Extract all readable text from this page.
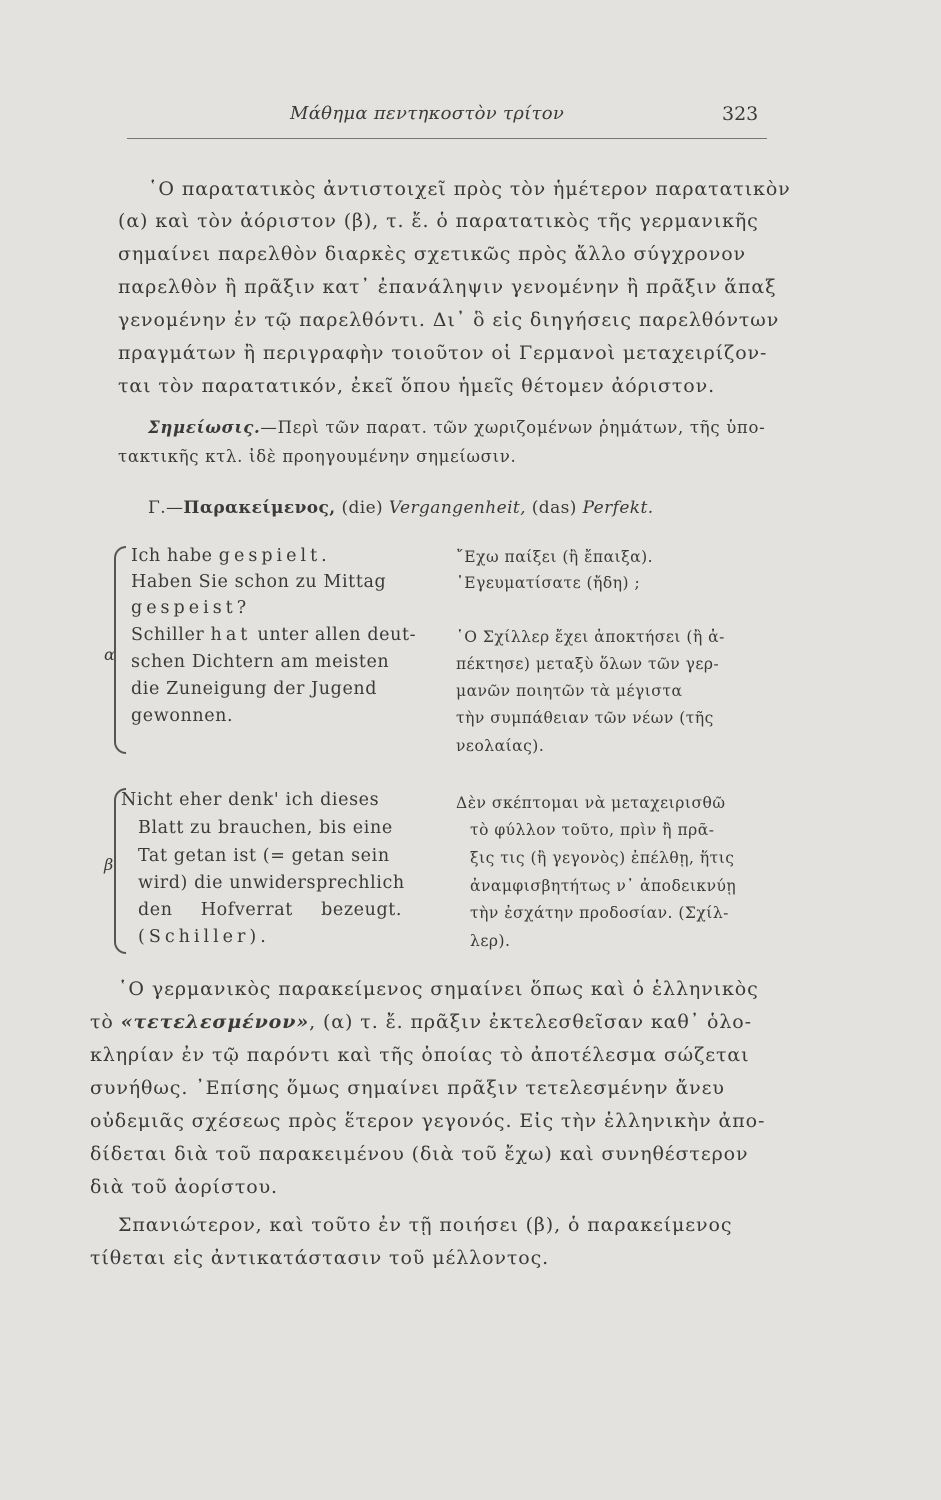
Μάθημα πεντηκοστὸν τρίτον	323
῾Ο παρατατικὸς ἀντιστοιχεῖ πρὸς τὸν ἡμέτερον παρατατικὸν
(α) καὶ τὸν ἀόριστον (β), τ. ἔ. ὁ παρατατικὸς τῆς γερμανικῆς
σημαίνει παρελθὸν διαρκὲς σχετικῶς πρὸς ἄλλο σύγχρονον
παρελθὸν ἢ πρᾶξιν κατ᾿ ἐπανάληψιν γενομένην ἢ πρᾶξιν ἅπαξ
γενομένην ἐν τῷ παρελθόντι. Δι᾿ ὃ εἰς διηγήσεις παρελθόντων
πραγμάτων ἢ περιγραφὴν τοιοῦτον οἱ Γερμανοὶ μεταχειρίζον-
ται τὸν παρατατικόν, ἐκεῖ ὅπου ἡμεῖς θέτομεν ἀόριστον.
Σημείωσις.—Περὶ τῶν παρατ. τῶν χωριζομένων ῥημάτων, τῆς ὑπο-
τακτικῆς κτλ. ἰδὲ προηγουμένην σημείωσιν.
Γ.—Παρακείμενος, (die) Vergangenheit, (das) Perfekt.
α
Ich habe gespielt.
Haben Sie schon zu Mittag
gespeist?
Schiller hat unter allen deut-
schen Dichtern am meisten
die Zuneigung der Jugend
gewonnen.
῎Εχω παίξει (ἢ ἔπαιξα).
᾿Εγευματίσατε (ἤδη) ;
῾Ο Σχίλλερ ἔχει ἀποκτήσει (ἢ ἀ-
πέκτησε) μεταξὺ ὅλων τῶν γερ-
μανῶν ποιητῶν τὰ μέγιστα
τὴν συμπάθειαν τῶν νέων (τῆς
νεολαίας).
β
Nicht eher denk' ich dieses
Blatt zu brauchen, bis eine
Tat getan ist (= getan sein
wird) die unwidersprechlich
den Hofverrat bezeugt.
(Schiller).
Δὲν σκέπτομαι νὰ μεταχειρισθῶ
τὸ φύλλον τοῦτο, πρὶν ἢ πρᾶ-
ξις τις (ἢ γεγονὸς) ἐπέλθῃ, ἥτις
ἀναμφισβητήτως ν᾿ ἀποδεικνύῃ
τὴν ἐσχάτην προδοσίαν. (Σχίλ-
λερ).
῾Ο γερμανικὸς παρακείμενος σημαίνει ὅπως καὶ ὁ ἑλληνικὸς
τὸ «τετελεσμένον», (α) τ. ἔ. πρᾶξιν ἐκτελεσθεῖσαν καθ᾿ ὁλο-
κληρίαν ἐν τῷ παρόντι καὶ τῆς ὁποίας τὸ ἀποτέλεσμα σώζεται
συνήθως. ᾿Επίσης ὅμως σημαίνει πρᾶξιν τετελεσμένην ἄνευ
οὐδεμιᾶς σχέσεως πρὸς ἕτερον γεγονός. Εἰς τὴν ἑλληνικὴν ἀπο-
δίδεται διὰ τοῦ παρακειμένου (διὰ τοῦ ἔχω) καὶ συνηθέστερον
διὰ τοῦ ἀορίστου.
Σπανιώτερον, καὶ τοῦτο ἐν τῇ ποιήσει (β), ὁ παρακείμενος
τίθεται εἰς ἀντικατάστασιν τοῦ μέλλοντος.
